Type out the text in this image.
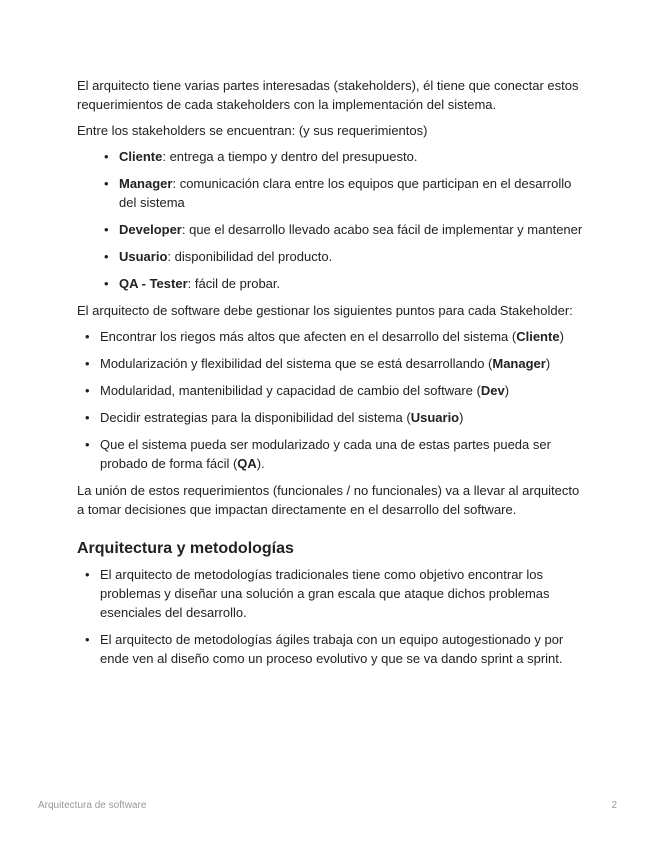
El arquitecto tiene varias partes interesadas (stakeholders), él tiene que conectar estos requerimientos de cada stakeholders con la implementación del sistema.

Entre los stakeholders se encuentran: (y sus requerimientos)

• Cliente: entrega a tiempo y dentro del presupuesto.
• Manager: comunicación clara entre los equipos que participan en el desarrollo del sistema
• Developer: que el desarrollo llevado acabo sea fácil de implementar y mantener
• Usuario: disponibilidad del producto.
• QA - Tester: fácil de probar.

El arquitecto de software debe gestionar los siguientes puntos para cada Stakeholder:

• Encontrar los riegos más altos que afecten en el desarrollo del sistema (Cliente)
• Modularización y flexibilidad del sistema que se está desarrollando (Manager)
• Modularidad, mantenibilidad y capacidad de cambio del software (Dev)
• Decidir estrategias para la disponibilidad del sistema (Usuario)
• Que el sistema pueda ser modularizado y cada una de estas partes pueda ser probado de forma fácil (QA).

La unión de estos requerimientos (funcionales / no funcionales) va a llevar al arquitecto a tomar decisiones que impactan directamente en el desarrollo del software.

Arquitectura y metodologías
• El arquitecto de metodologías tradicionales tiene como objetivo encontrar los problemas y diseñar una solución a gran escala que ataque dichos problemas esenciales del desarrollo.
• El arquitecto de metodologías ágiles trabaja con un equipo autogestionado y por ende ven al diseño como un proceso evolutivo y que se va dando sprint a sprint.
Arquitectura de software	2
